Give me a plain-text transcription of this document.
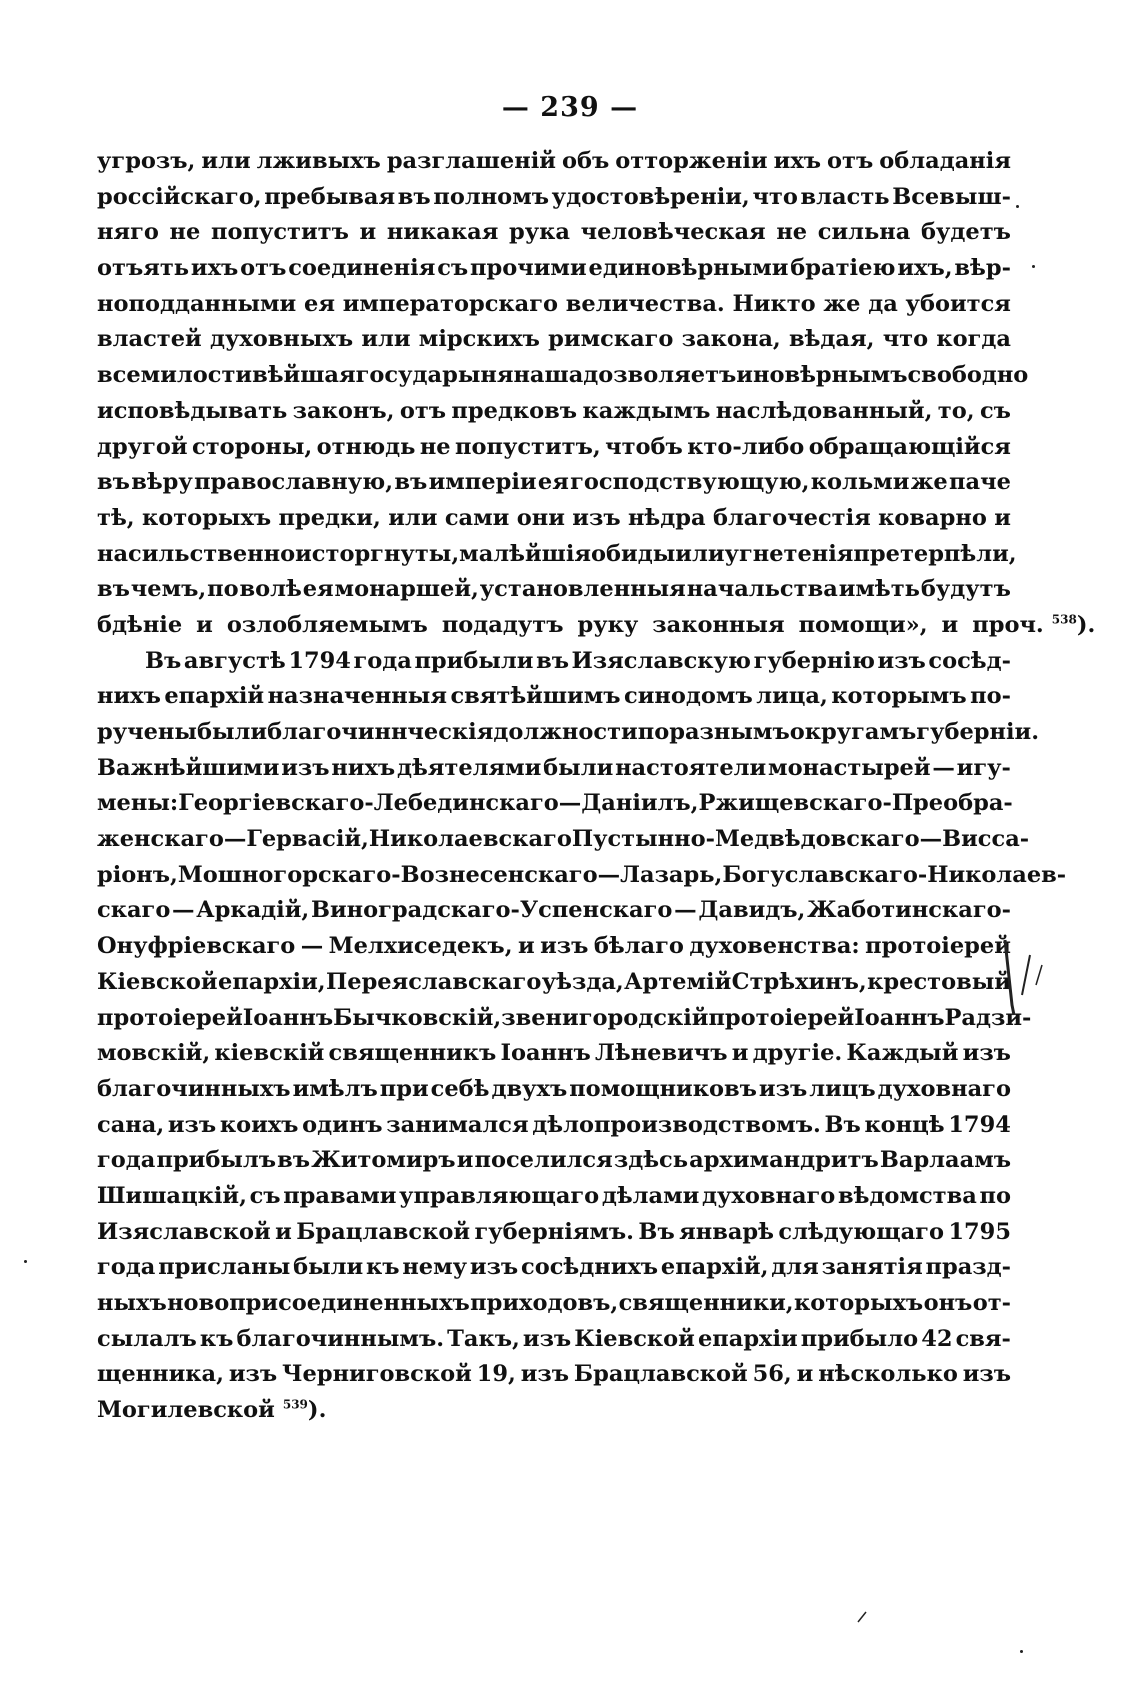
— 239 —
угрозъ, или лживыхъ разглашеній объ отторженіи ихъ отъ обладанія
россійскаго, пребывая въ полномъ удостовѣреніи, что власть Всевыш-
няго не попуститъ и никакая рука человѣческая не сильна будетъ
отъять ихъ отъ соединенія съ прочими единовѣрными братіею ихъ, вѣр-
ноподданными ея императорскаго величества. Никто же да убоится
властей духовныхъ или мірскихъ римскаго закона, вѣдая, что когда
всемилостивѣйшая государыня наша дозволяетъ иновѣрнымъ свободно
исповѣдывать законъ, отъ предковъ каждымъ наслѣдованный, то, съ
другой стороны, отнюдь не попуститъ, чтобъ кто-либо обращающійся
въ вѣру православную, въ имперіи ея господствующую, кольми же паче
тѣ, которыхъ предки, или сами они изъ нѣдра благочестія коварно и
насильственно исторгнуты, малѣйшія обиды или угнетенія претерпѣли,
въ чемъ, по волѣ ея монаршей, установленныя начальства имѣть будутъ
бдѣніе и озлобляемымъ подадутъ руку законныя помощи», и проч. $^{538}$).
Въ августѣ 1794 года прибыли въ Изяславскую губернію изъ сосѣд-
нихъ епархій назначенныя святѣйшимъ синодомъ лица, которымъ по-
ручены были благочиннческія должности по разнымъ округамъ губерніи.
Важнѣйшими изъ нихъ дѣятелями были настоятели монастырей — игу-
мены: Георгіевскаго - Лебединскаго — Даніилъ, Ржищевскаго - Преобра-
женскаго — Гервасій, Николаевскаго Пустынно-Медвѣдовскаго — Висса-
ріонъ, Мошногорскаго-Вознесенскаго — Лазарь, Богуславскаго-Николаев-
скаго — Аркадій, Виноградскаго-Успенскаго — Давидъ, Жаботинскаго-
Онуфріевскаго — Мелхиседекъ, и изъ бѣлаго духовенства: протоіерей
Кіевской епархіи, Переяславскаго уѣзда, Артемій Стрѣхинъ, крестовый
протоіерей Іоаннъ Бычковскій, звенигородскій протоіерей Іоаннъ Радзи-
мовскій, кіевскій священникъ Іоаннъ Лѣневичъ и другіе. Каждый изъ
благочинныхъ имѣлъ при себѣ двухъ помощниковъ изъ лицъ духовнаго
сана, изъ коихъ одинъ занимался дѣлопроизводствомъ. Въ концѣ 1794
года прибылъ въ Житомиръ и поселился здѣсь архимандритъ Варлаамъ
Шишацкій, съ правами управляющаго дѣлами духовнаго вѣдомства по
Изяславской и Брацлавской губерніямъ. Въ январѣ слѣдующаго 1795
года присланы были къ нему изъ сосѣднихъ епархій, для занятія празд-
ныхъ новоприсоединенныхъ приходовъ, священники, которыхъ онъ от-
сылалъ къ благочиннымъ. Такъ, изъ Кіевской епархіи прибыло 42 свя-
щенника, изъ Черниговской 19, изъ Брацлавской 56, и нѣсколько изъ
Могилевской $^{539}$).
